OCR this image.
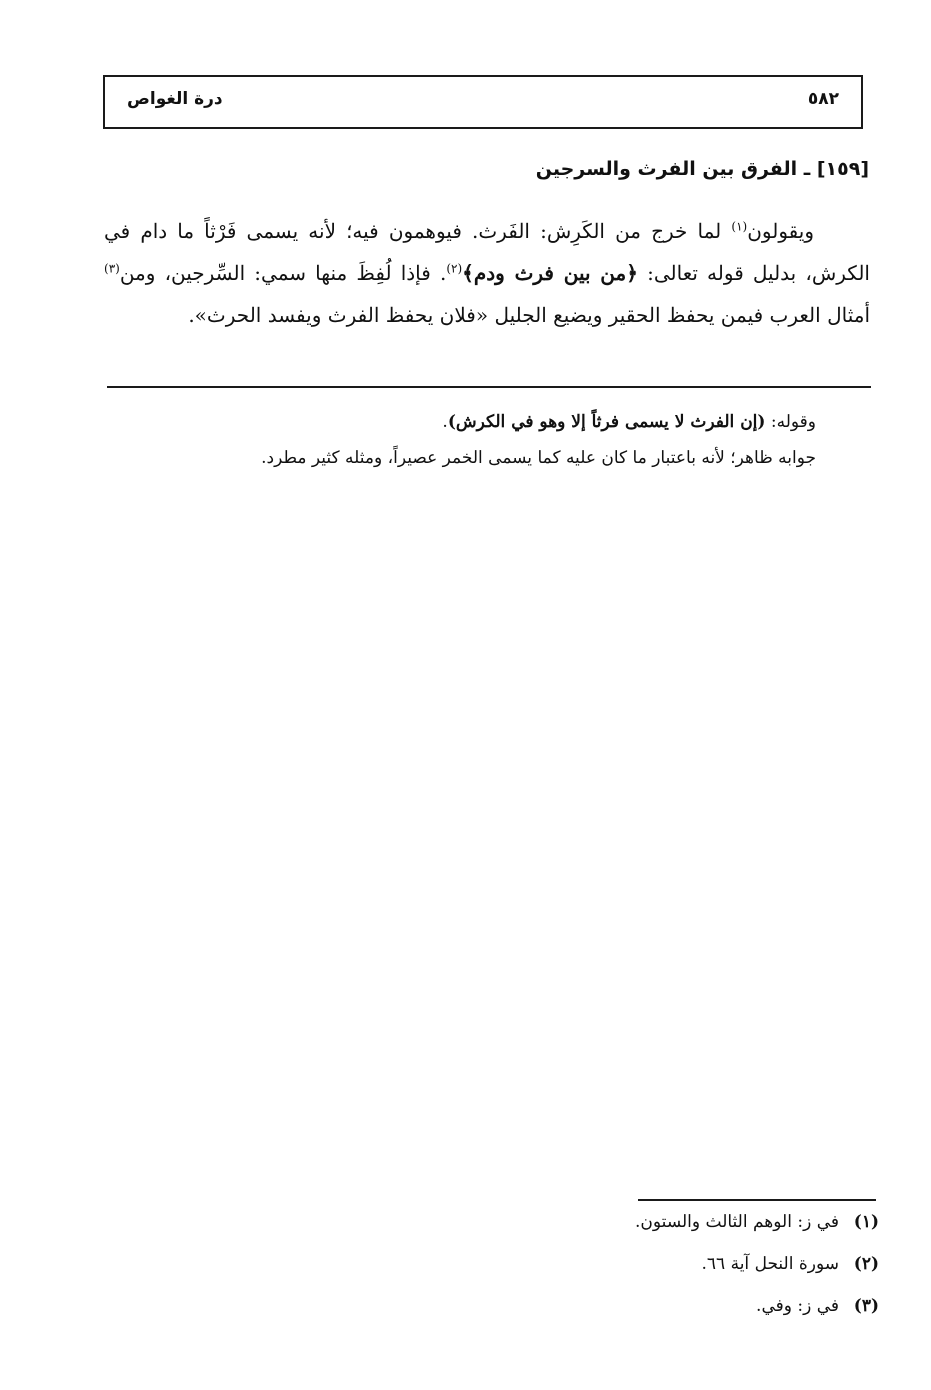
درة الغواص	٥٨٢
[١٥٩] ـ الفرق بين الفرث والسرجين

ويقولون$^{(١)}$ لما خرج من الكَرِش: الفَرث. فيوهمون فيه؛ لأنه يسمى فَرْثاً ما دام في الكرش، بدليل قوله تعالى: ﴿من بين فرث ودم﴾$^{(٢)}$. فإذا لُفِظَ منها سمي: السِّرجين، ومن$^{(٣)}$ أمثال العرب فيمن يحفظ الحقير ويضيع الجليل «فلان يحفظ الفرث ويفسد الحرث».

وقوله: (إن الفرث لا يسمى فرثاً إلا وهو في الكرش).

جوابه ظاهر؛ لأنه باعتبار ما كان عليه كما يسمى الخمر عصيراً، ومثله كثير مطرد.

(١)
في ز: الوهم الثالث والستون.
(٢)
سورة النحل آية ٦٦.
(٣)
في ز: وفي.
